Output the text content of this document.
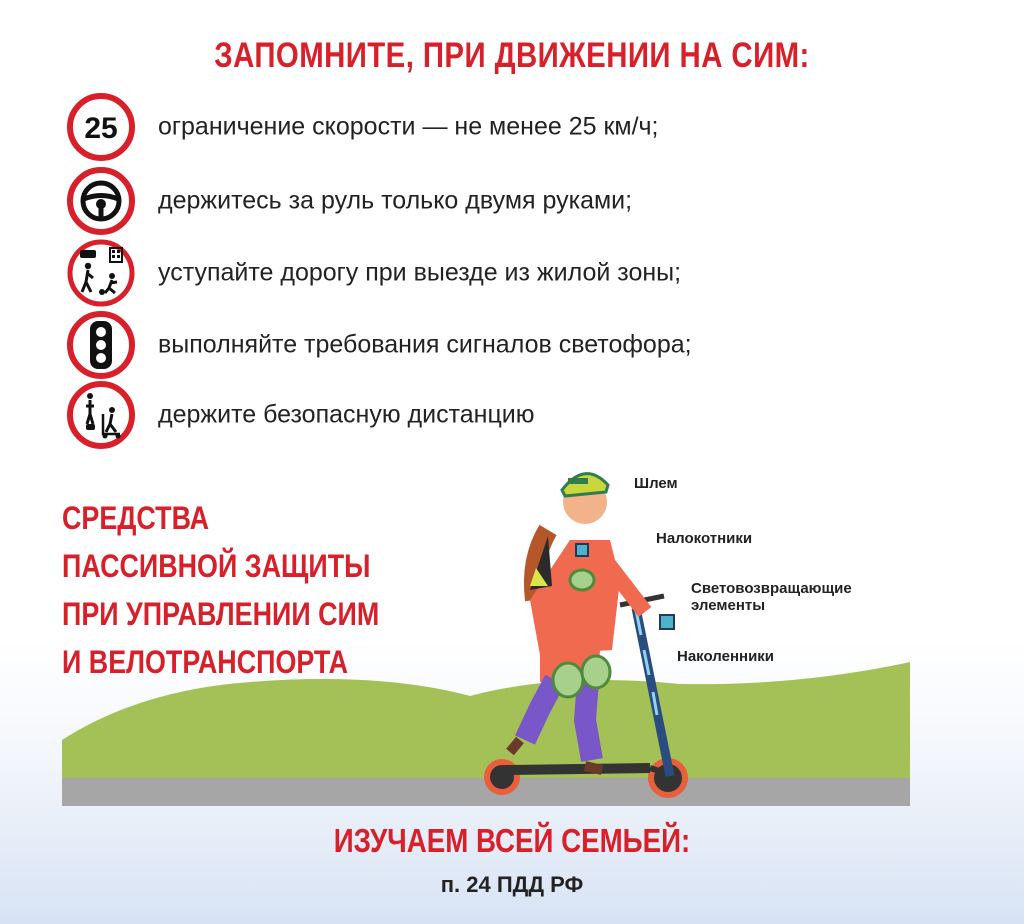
ЗАПОМНИТЕ, ПРИ ДВИЖЕНИИ НА СИМ:
25 ограничение скорости — не менее 25 км/ч;
держитесь за руль только двумя руками;
уступайте дорогу при выезде из жилой зоны;
выполняйте требования сигналов светофора;
держите безопасную дистанцию
СРЕДСТВА
ПАССИВНОЙ ЗАЩИТЫ
ПРИ УПРАВЛЕНИИ СИМ
И ВЕЛОТРАНСПОРТА
Шлем
Налокотники
Световозвращающие
элементы
Наколенники
ИЗУЧАЕМ ВСЕЙ СЕМЬЕЙ:
п. 24 ПДД РФ
